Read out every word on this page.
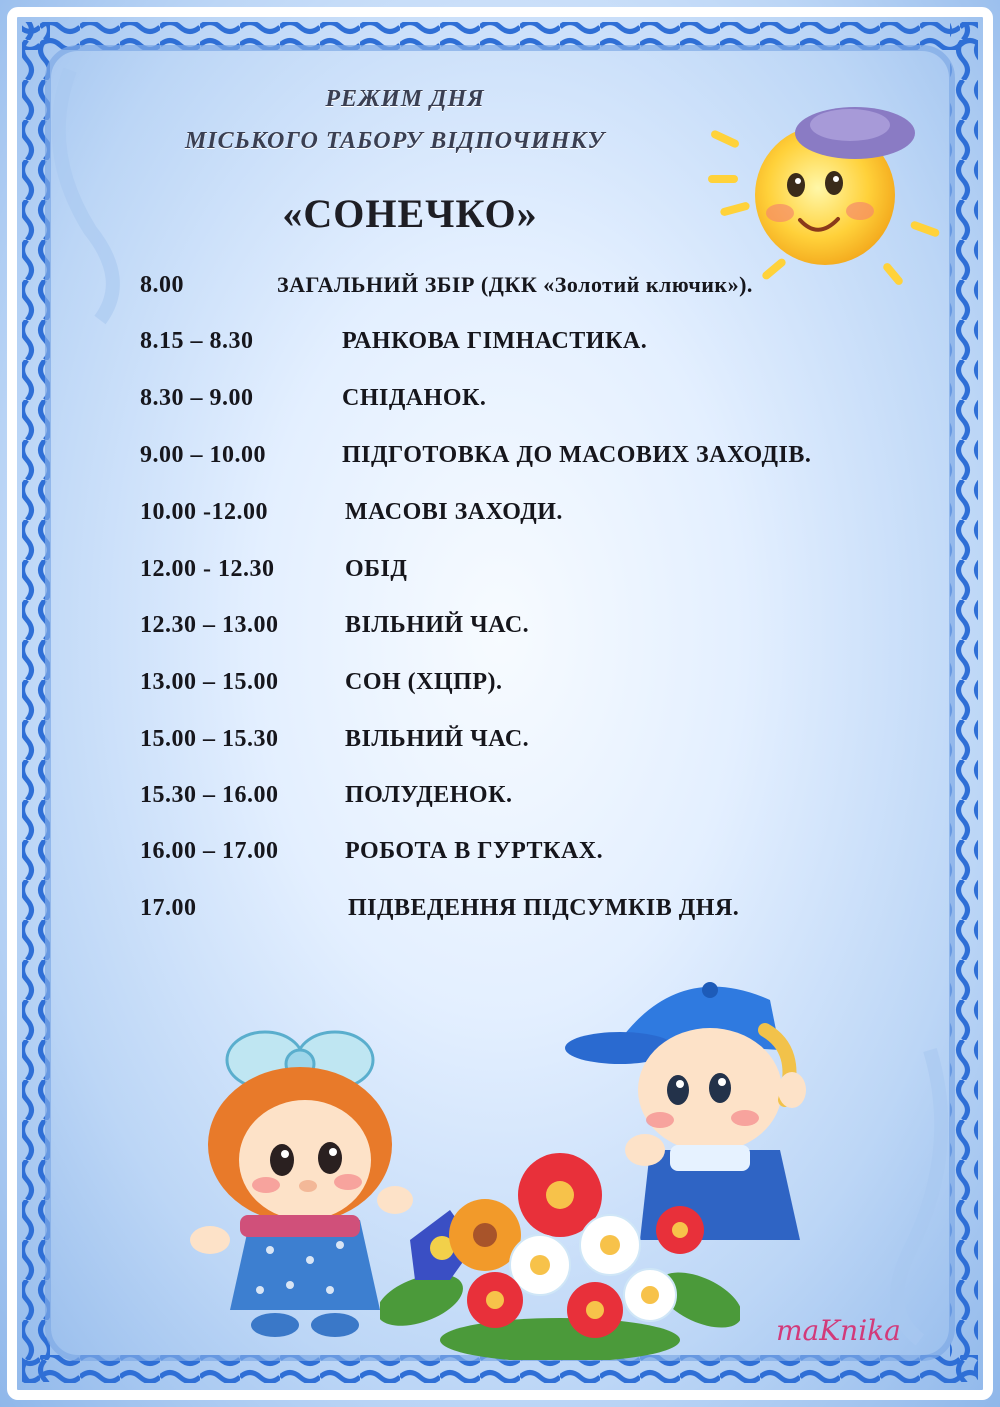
РЕЖИМ ДНЯ
МІСЬКОГО ТАБОРУ ВІДПОЧИНКУ
«СОНЕЧКО»
8.00	ЗАГАЛЬНИЙ ЗБІР (ДКК «Золотий ключик»).
8.15 – 8.30	РАНКОВА ГІМНАСТИКА.
8.30 – 9.00	СНІДАНОК.
9.00 – 10.00	ПІДГОТОВКА ДО МАСОВИХ ЗАХОДІВ.
10.00 -12.00	МАСОВІ ЗАХОДИ.
12.00 - 12.30	ОБІД
12.30 – 13.00	ВІЛЬНИЙ ЧАС.
13.00 – 15.00	СОН (ХЦПР).
15.00 – 15.30	ВІЛЬНИЙ ЧАС.
15.30 – 16.00	ПОЛУДЕНОК.
16.00 – 17.00	РОБОТА В ГУРТКАХ.
17.00	ПІДВЕДЕННЯ ПІДСУМКІВ ДНЯ.
maKnika
